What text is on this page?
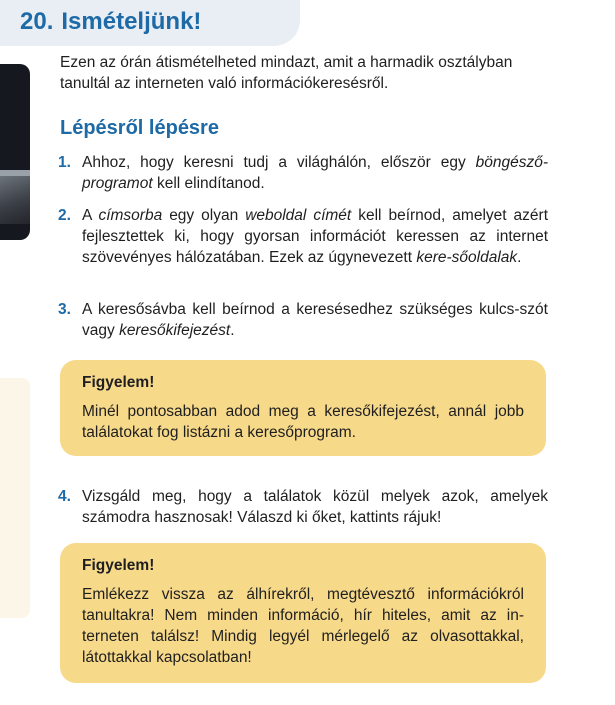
20. Ismételjünk!
Ezen az órán átismételheted mindazt, amit a harmadik osztályban tanultál az interneten való információkeresésről.
Lépésről lépésre
1. Ahhoz, hogy keresni tudj a világhálón, először egy böngésző-programot kell elindítanod.
2. A címsorba egy olyan weboldal címét kell beírnod, amelyet azért fejlesztettek ki, hogy gyorsan információt keressen az internet szövevényes hálózatában. Ezek az úgynevezett kere-sőoldalak.
3. A keresősávba kell beírnod a keresésedhez szükséges kulcs-szót vagy keresőkifejezést.
Figyelem!
Minél pontosabban adod meg a keresőkifejezést, annál jobb találatokat fog listázni a keresőprogram.
4. Vizsgáld meg, hogy a találatok közül melyek azok, amelyek számodra hasznosak! Válaszd ki őket, kattints rájuk!
Figyelem!
Emlékezz vissza az álhírekről, megtévesztő információkról tanultakra! Nem minden információ, hír hiteles, amit az in-terneten találsz! Mindig legyél mérlegelő az olvasottakkal, látottakkal kapcsolatban!
